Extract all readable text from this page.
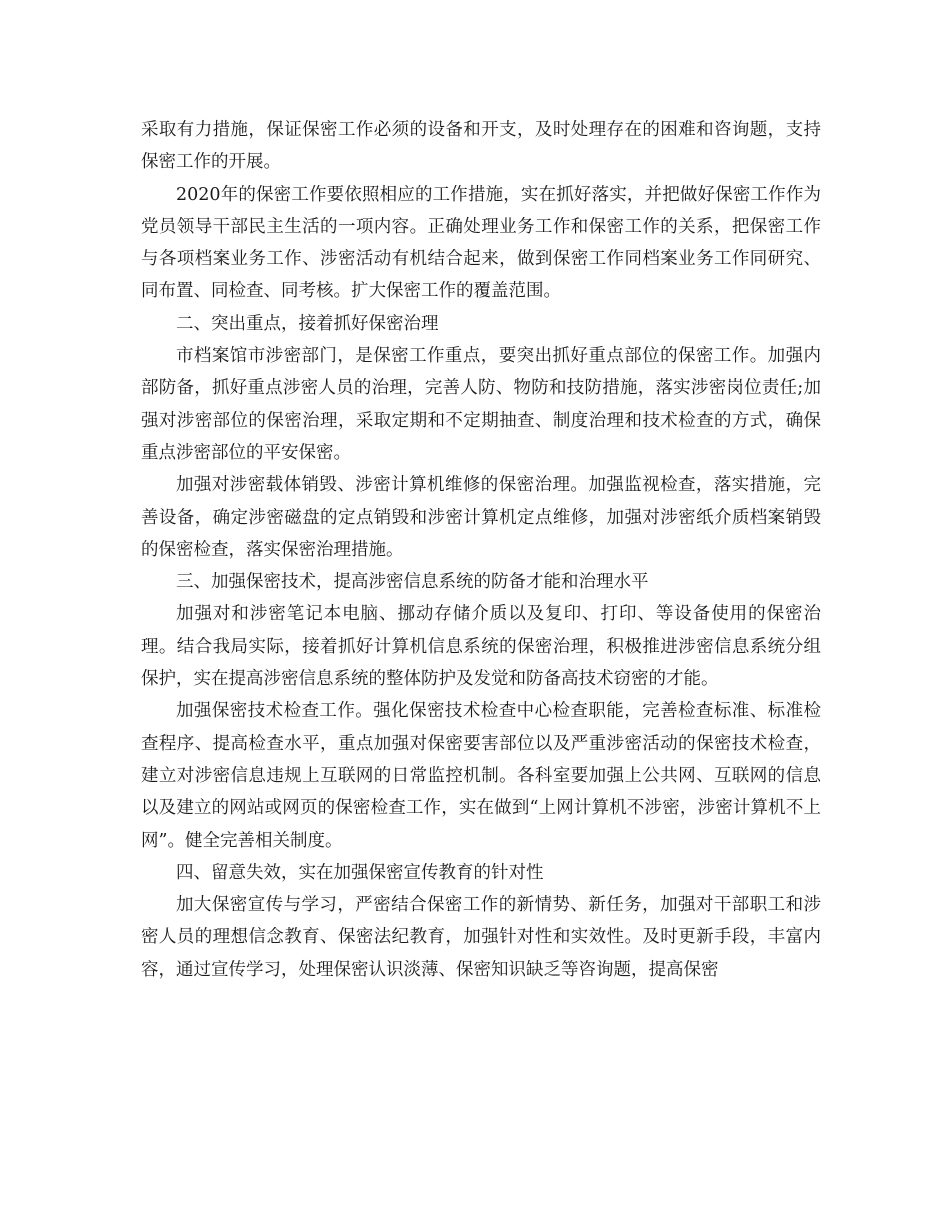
采取有力措施，保证保密工作必须的设备和开支，及时处理存在的困难和咨询题，支持保密工作的开展。

2020年的保密工作要依照相应的工作措施，实在抓好落实，并把做好保密工作作为党员领导干部民主生活的一项内容。正确处理业务工作和保密工作的关系，把保密工作与各项档案业务工作、涉密活动有机结合起来，做到保密工作同档案业务工作同研究、同布置、同检查、同考核。扩大保密工作的覆盖范围。

二、突出重点，接着抓好保密治理

市档案馆市涉密部门，是保密工作重点，要突出抓好重点部位的保密工作。加强内部防备，抓好重点涉密人员的治理，完善人防、物防和技防措施，落实涉密岗位责任;加强对涉密部位的保密治理，采取定期和不定期抽查、制度治理和技术检查的方式，确保重点涉密部位的平安保密。

加强对涉密载体销毁、涉密计算机维修的保密治理。加强监视检查，落实措施，完善设备，确定涉密磁盘的定点销毁和涉密计算机定点维修，加强对涉密纸介质档案销毁的保密检查，落实保密治理措施。

三、加强保密技术，提高涉密信息系统的防备才能和治理水平

加强对和涉密笔记本电脑、挪动存储介质以及复印、打印、等设备使用的保密治理。结合我局实际，接着抓好计算机信息系统的保密治理，积极推进涉密信息系统分组保护，实在提高涉密信息系统的整体防护及发觉和防备高技术窃密的才能。

加强保密技术检查工作。强化保密技术检查中心检查职能，完善检查标准、标准检查程序、提高检查水平，重点加强对保密要害部位以及严重涉密活动的保密技术检查，建立对涉密信息违规上互联网的日常监控机制。各科室要加强上公共网、互联网的信息以及建立的网站或网页的保密检查工作，实在做到“上网计算机不涉密，涉密计算机不上网”。健全完善相关制度。

四、留意失效，实在加强保密宣传教育的针对性

加大保密宣传与学习，严密结合保密工作的新情势、新任务，加强对干部职工和涉密人员的理想信念教育、保密法纪教育，加强针对性和实效性。及时更新手段，丰富内容，通过宣传学习，处理保密认识淡薄、保密知识缺乏等咨询题，提高保密
